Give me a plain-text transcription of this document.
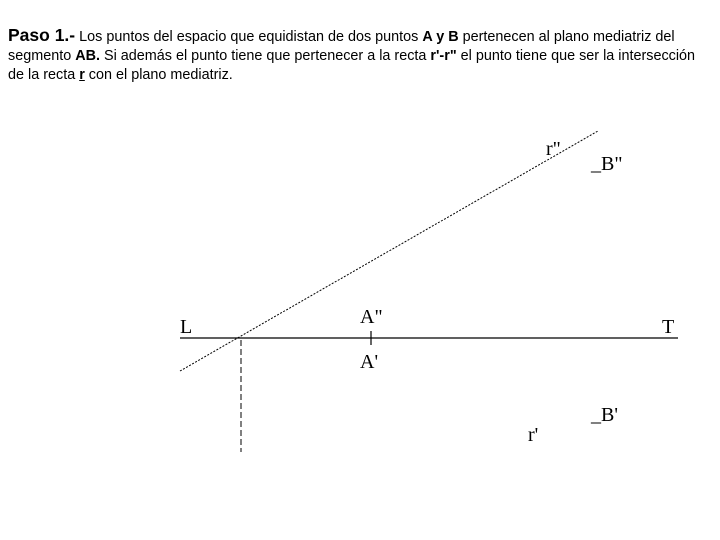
Paso 1.- Los puntos del espacio que equidistan de dos puntos A y B pertenecen al plano mediatriz del segmento AB. Si además el punto tiene que pertenecer a la recta r'-r" el punto tiene que ser la intersección de la recta r con el plano mediatriz.
L	T
A"
A'
r"
_B"
_B'
r'
